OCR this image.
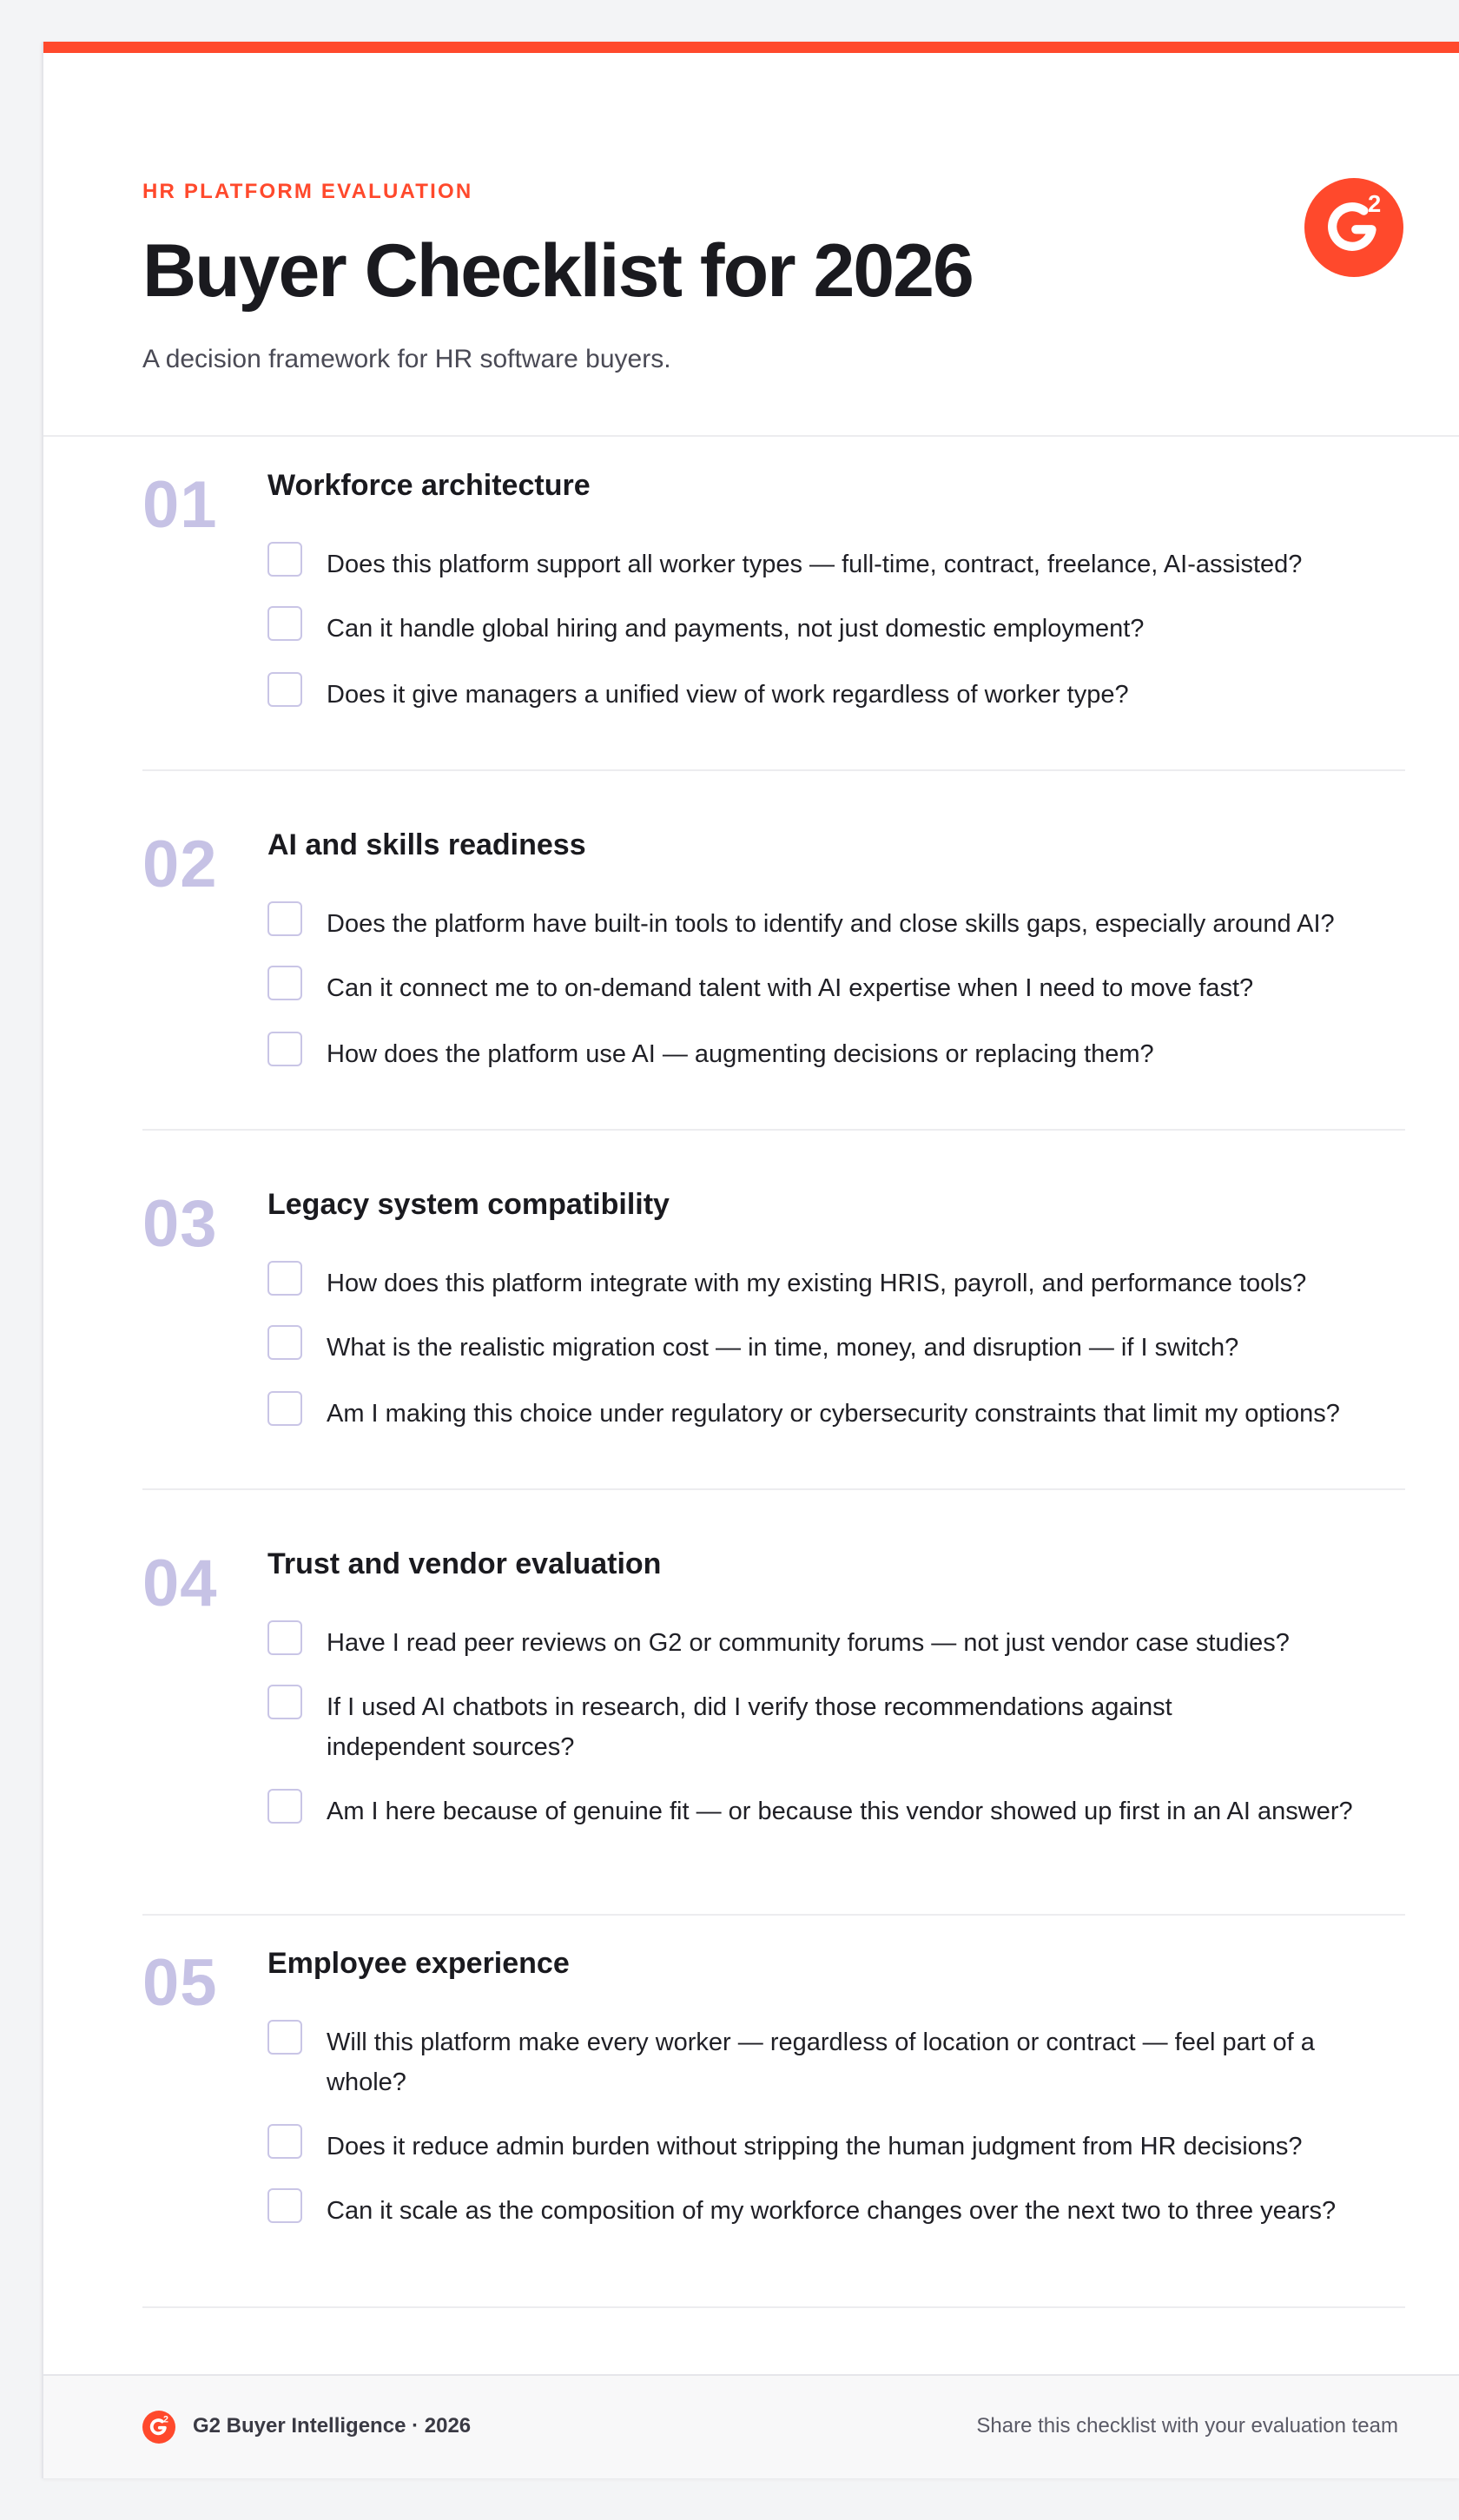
HR PLATFORM EVALUATION
Buyer Checklist for 2026
A decision framework for HR software buyers.
2
01 Workforce architecture
Does this platform support all worker types — full-time, contract, freelance, AI-assisted?
Can it handle global hiring and payments, not just domestic employment?
Does it give managers a unified view of work regardless of worker type?
02 AI and skills readiness
Does the platform have built-in tools to identify and close skills gaps, especially around AI?
Can it connect me to on-demand talent with AI expertise when I need to move fast?
How does the platform use AI — augmenting decisions or replacing them?
03 Legacy system compatibility
How does this platform integrate with my existing HRIS, payroll, and performance tools?
What is the realistic migration cost — in time, money, and disruption — if I switch?
Am I making this choice under regulatory or cybersecurity constraints that limit my options?
04 Trust and vendor evaluation
Have I read peer reviews on G2 or community forums — not just vendor case studies?
If I used AI chatbots in research, did I verify those recommendations against independent sources?
Am I here because of genuine fit — or because this vendor showed up first in an AI answer?
05 Employee experience
Will this platform make every worker — regardless of location or contract — feel part of a whole?
Does it reduce admin burden without stripping the human judgment from HR decisions?
Can it scale as the composition of my workforce changes over the next two to three years?
2 G2 Buyer Intelligence · 2026	Share this checklist with your evaluation team
